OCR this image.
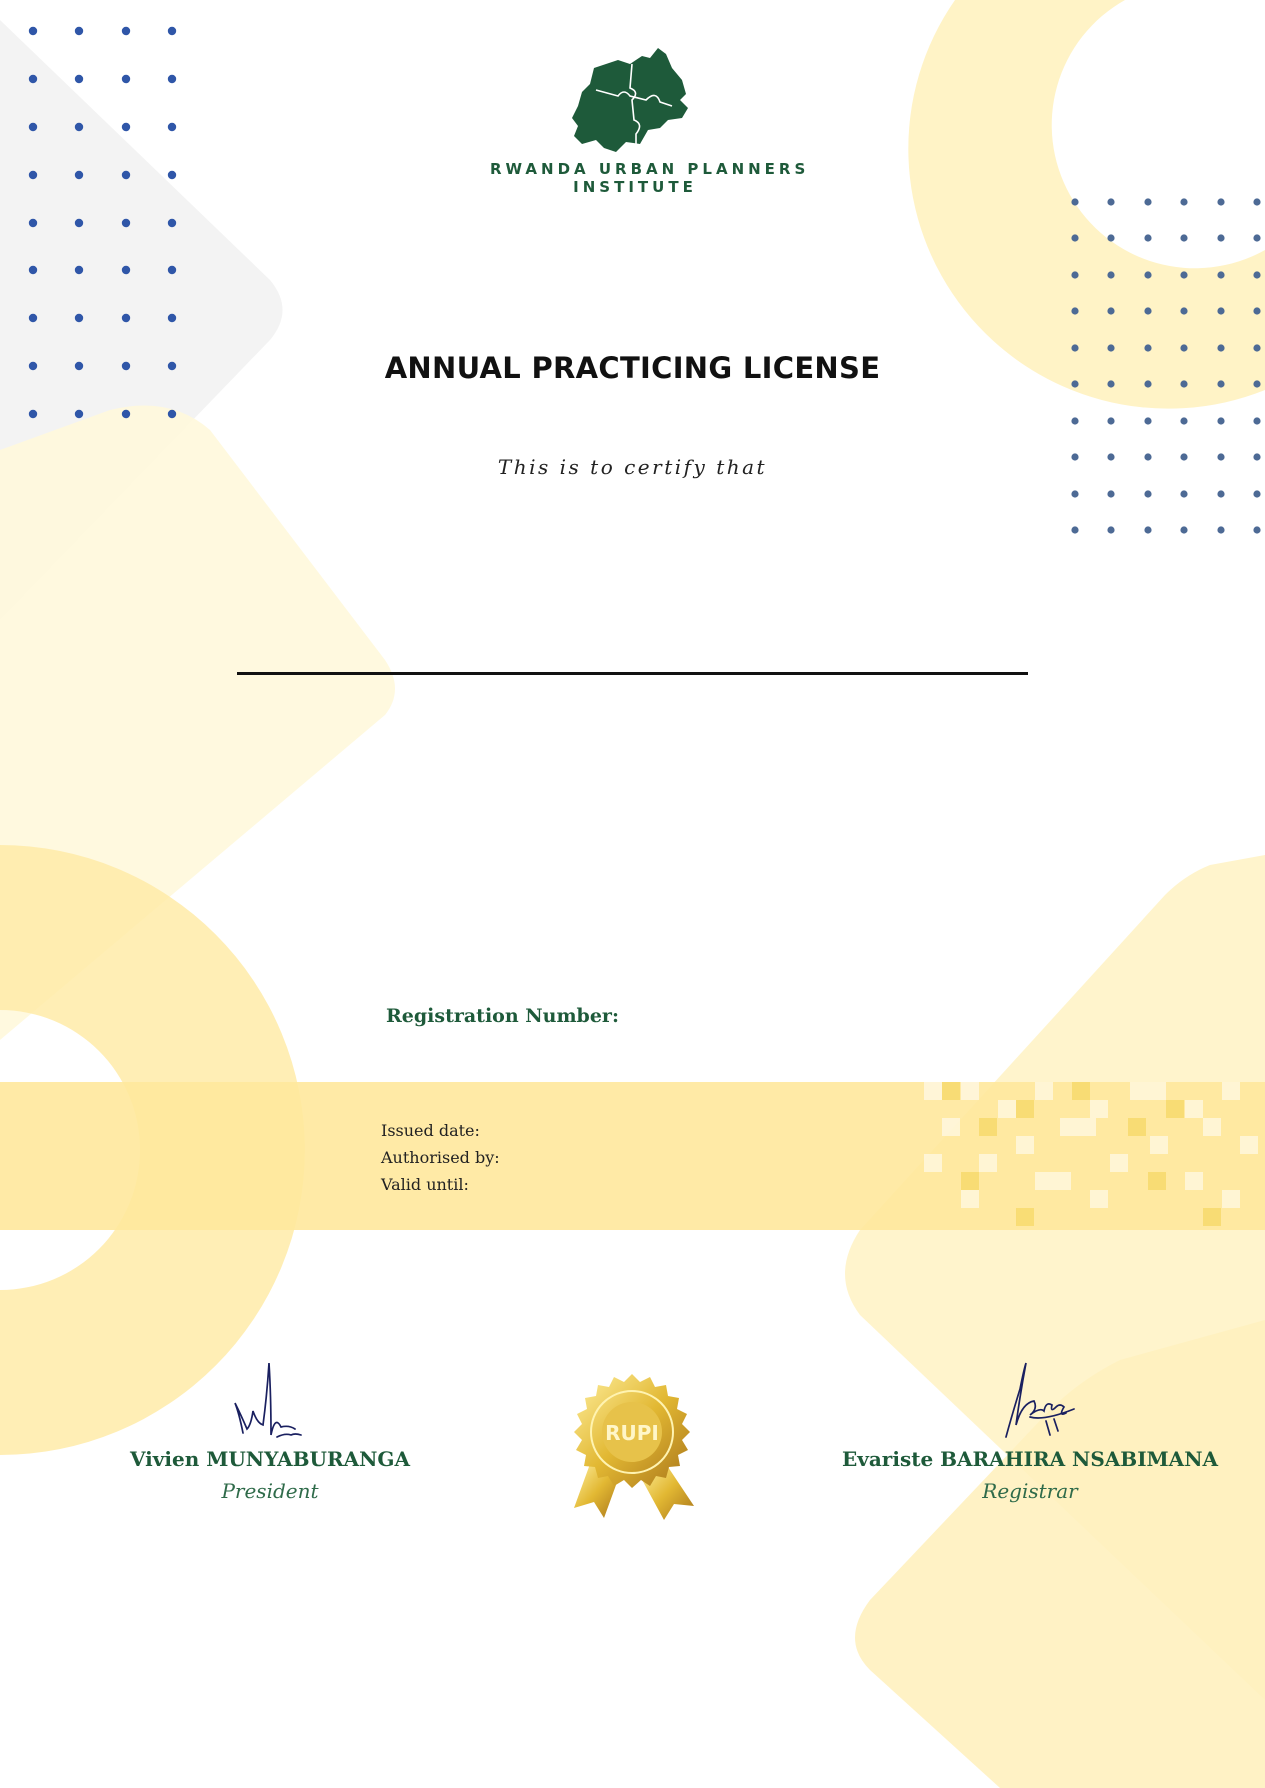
RWANDA URBAN PLANNERS
INSTITUTE
ANNUAL PRACTICING LICENSE
This is to certify that
Registration Number:
Issued date:
Authorised by:
Valid until:
Vivien MUNYABURANGA
President
RUPI
Evariste BARAHIRA NSABIMANA
Registrar
